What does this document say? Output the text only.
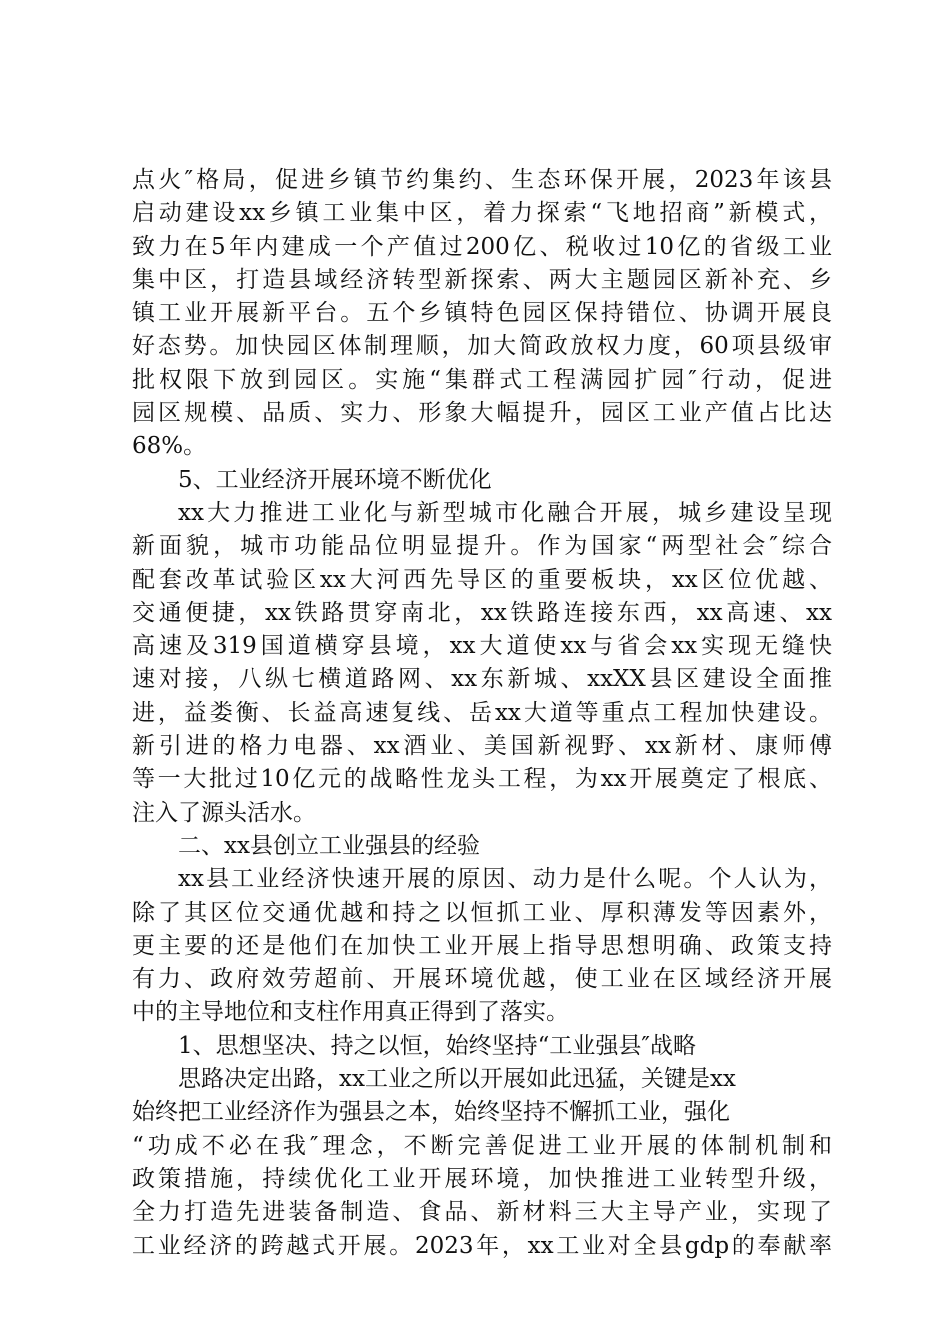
点火″格局，促进乡镇节约集约、生态环保开展，2023年该县
启动建设xx乡镇工业集中区，着力探索“飞地招商”新模式，
致力在5年内建成一个产值过200亿、税收过10亿的省级工业
集中区，打造县域经济转型新探索、两大主题园区新补充、乡
镇工业开展新平台。五个乡镇特色园区保持错位、协调开展良
好态势。加快园区体制理顺，加大简政放权力度，60项县级审
批权限下放到园区。实施“集群式工程满园扩园″行动，促进
园区规模、品质、实力、形象大幅提升，园区工业产值占比达
68%。
5、工业经济开展环境不断优化
xx大力推进工业化与新型城市化融合开展，城乡建设呈现
新面貌，城市功能品位明显提升。作为国家“两型社会″综合
配套改革试验区xx大河西先导区的重要板块，xx区位优越、
交通便捷，xx铁路贯穿南北，xx铁路连接东西，xx高速、xx
高速及319国道横穿县境，xx大道使xx与省会xx实现无缝快
速对接，八纵七横道路网、xx东新城、xxXX县区建设全面推
进，益娄衡、长益高速复线、岳xx大道等重点工程加快建设。
新引进的格力电器、xx酒业、美国新视野、xx新材、康师傅
等一大批过10亿元的战略性龙头工程，为xx开展奠定了根底、
注入了源头活水。
二、xx县创立工业强县的经验
xx县工业经济快速开展的原因、动力是什么呢。个人认为，
除了其区位交通优越和持之以恒抓工业、厚积薄发等因素外，
更主要的还是他们在加快工业开展上指导思想明确、政策支持
有力、政府效劳超前、开展环境优越，使工业在区域经济开展
中的主导地位和支柱作用真正得到了落实。
1、思想坚决、持之以恒，始终坚持“工业强县″战略
思路决定出路，xx工业之所以开展如此迅猛，关键是xx
始终把工业经济作为强县之本，始终坚持不懈抓工业，强化
“功成不必在我″理念，不断完善促进工业开展的体制机制和
政策措施，持续优化工业开展环境，加快推进工业转型升级，
全力打造先进装备制造、食品、新材料三大主导产业，实现了
工业经济的跨越式开展。2023年，xx工业对全县gdp的奉献率
